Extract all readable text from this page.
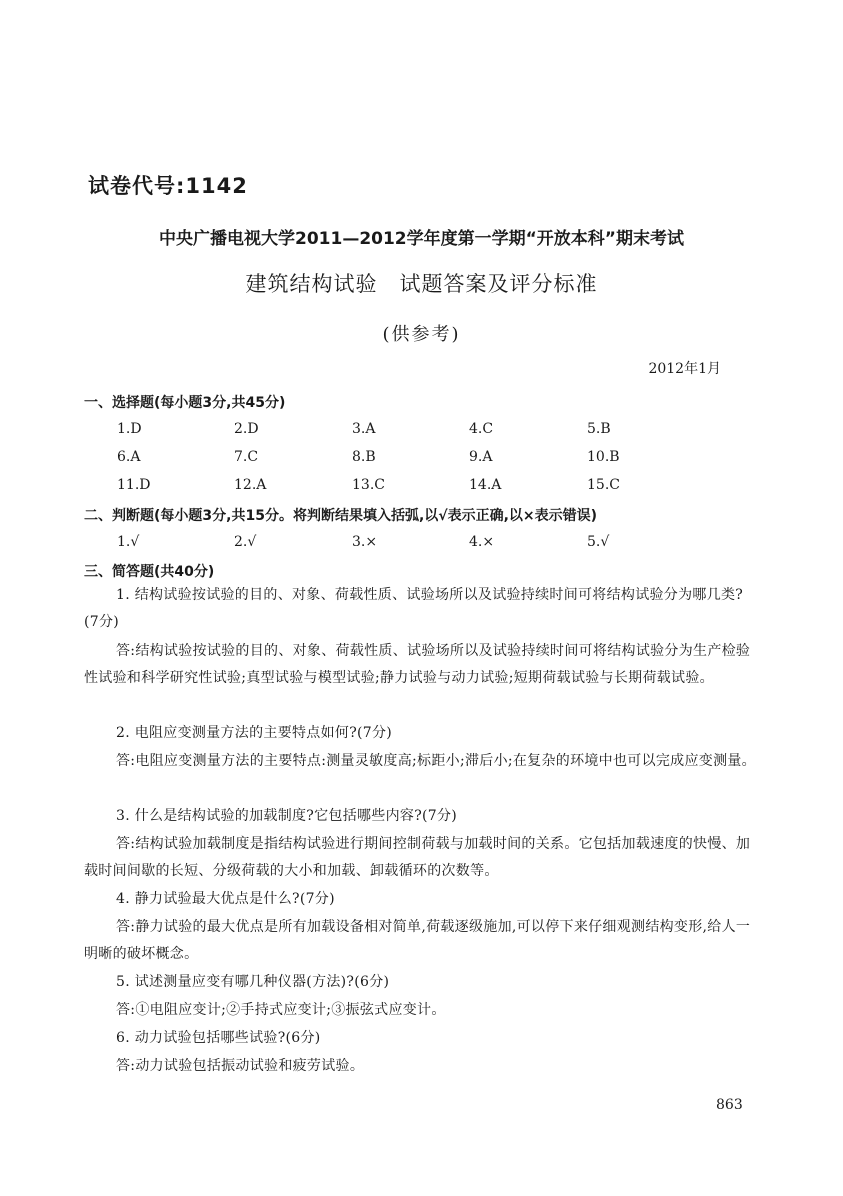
试卷代号:1142
中央广播电视大学2011—2012学年度第一学期“开放本科”期末考试
建筑结构试验　试题答案及评分标准
(供参考)
2012年1月
一、选择题(每小题3分,共45分)
1.D	2.D	3.A	4.C	5.B
6.A	7.C	8.B	9.A	10.B
11.D	12.A	13.C	14.A	15.C
二、判断题(每小题3分,共15分。将判断结果填入括弧,以√表示正确,以×表示错误)
1.√	2.√	3.×	4.×	5.√
三、简答题(共40分)
1. 结构试验按试验的目的、对象、荷载性质、试验场所以及试验持续时间可将结构试验分为哪几类?(7分)
答:结构试验按试验的目的、对象、荷载性质、试验场所以及试验持续时间可将结构试验分为生产检验性试验和科学研究性试验;真型试验与模型试验;静力试验与动力试验;短期荷载试验与长期荷载试验。
2. 电阻应变测量方法的主要特点如何?(7分)
答:电阻应变测量方法的主要特点:测量灵敏度高;标距小;滞后小;在复杂的环境中也可以完成应变测量。
3. 什么是结构试验的加载制度?它包括哪些内容?(7分)
答:结构试验加载制度是指结构试验进行期间控制荷载与加载时间的关系。它包括加载速度的快慢、加载时间间歇的长短、分级荷载的大小和加载、卸载循环的次数等。
4. 静力试验最大优点是什么?(7分)
答:静力试验的最大优点是所有加载设备相对简单,荷载逐级施加,可以停下来仔细观测结构变形,给人一明晰的破坏概念。
5. 试述测量应变有哪几种仪器(方法)?(6分)
答:①电阻应变计;②手持式应变计;③振弦式应变计。
6. 动力试验包括哪些试验?(6分)
答:动力试验包括振动试验和疲劳试验。
863
